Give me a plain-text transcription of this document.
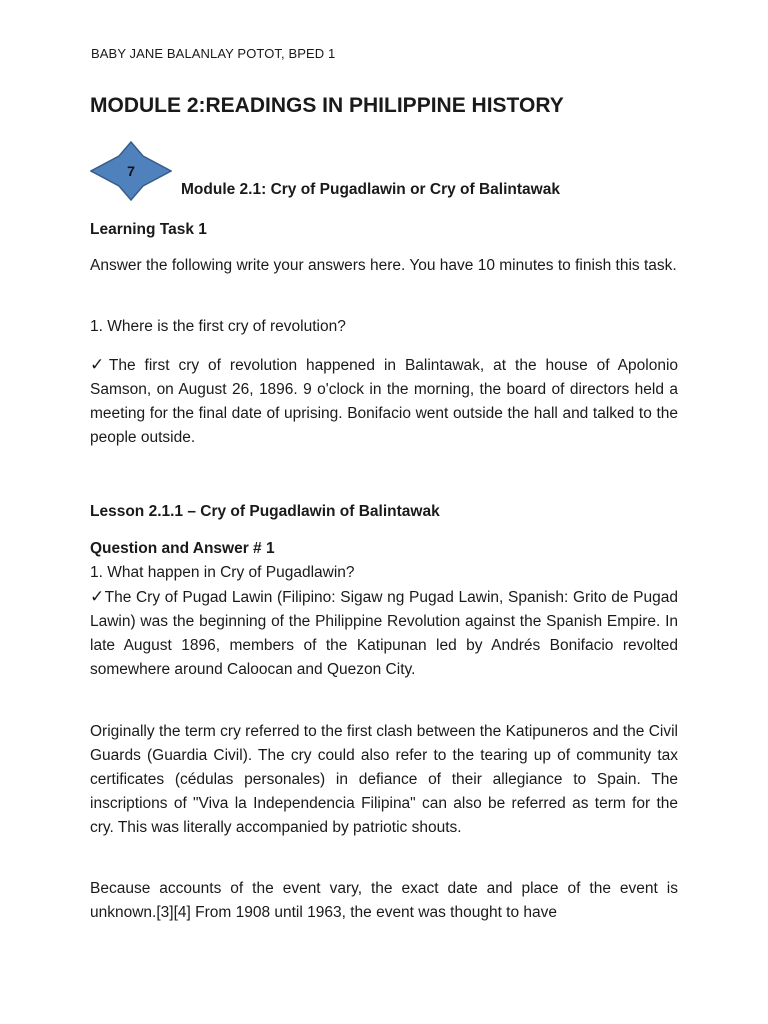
BABY JANE BALANLAY POTOT, BPED 1
MODULE 2:READINGS IN PHILIPPINE HISTORY
7
Module 2.1: Cry of Pugadlawin or Cry of Balintawak
Learning Task 1
Answer the following write your answers here. You have 10 minutes to finish this task.
1. Where is the first cry of revolution?
✓The first cry of revolution happened in Balintawak, at the house of Apolonio Samson, on August 26, 1896. 9 o'clock in the morning, the board of directors held a meeting for the final date of uprising. Bonifacio went outside the hall and talked to the people outside.
Lesson 2.1.1 – Cry of Pugadlawin of Balintawak
Question and Answer # 1
1. What happen in Cry of Pugadlawin?
✓The Cry of Pugad Lawin (Filipino: Sigaw ng Pugad Lawin, Spanish: Grito de Pugad Lawin) was the beginning of the Philippine Revolution against the Spanish Empire. In late August 1896, members of the Katipunan led by Andrés Bonifacio revolted somewhere around Caloocan and Quezon City.
Originally the term cry referred to the first clash between the Katipuneros and the Civil Guards (Guardia Civil). The cry could also refer to the tearing up of community tax certificates (cédulas personales) in defiance of their allegiance to Spain. The inscriptions of "Viva la Independencia Filipina" can also be referred as term for the cry. This was literally accompanied by patriotic shouts.
Because accounts of the event vary, the exact date and place of the event is unknown.[3][4] From 1908 until 1963, the event was thought to have
